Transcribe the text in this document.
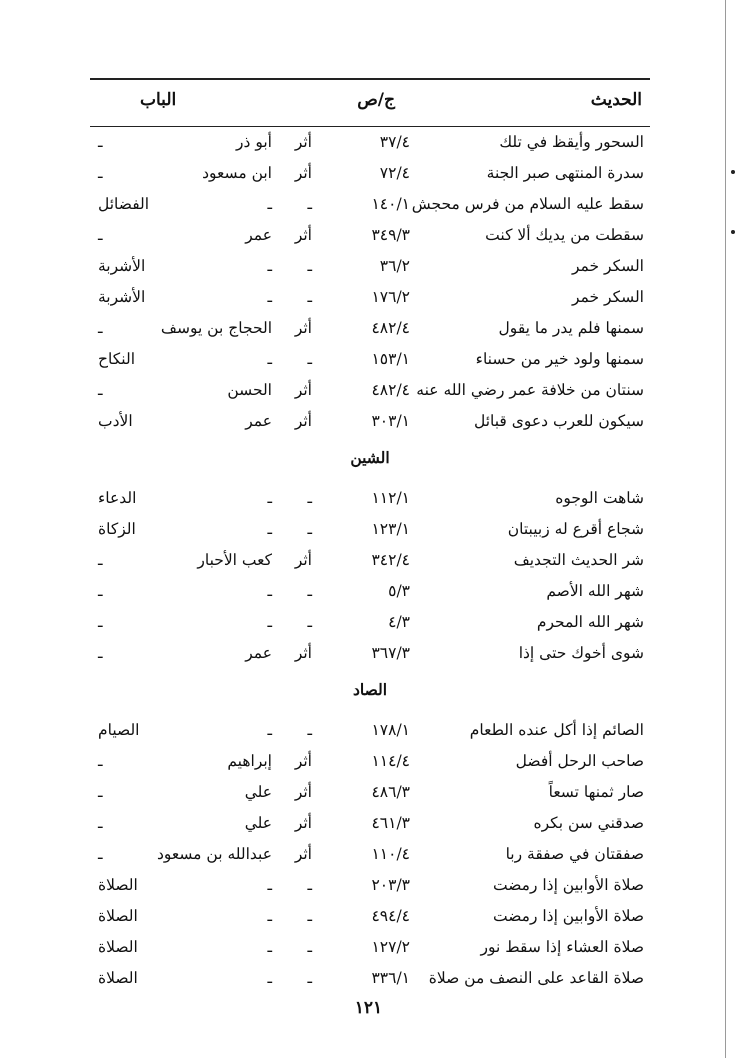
الحديث
ج/ص
الباب
السحور وأيقظ في تلك
٣٧/٤
أثر
أبو ذر
ـ
سدرة المنتهى صبر الجنة
٧٢/٤
أثر
ابن مسعود
ـ
سقط عليه السلام من فرس محجش
١٤٠/١
ـ
ـ
الفضائل
سقطت من يديك ألا كنت
٣٤٩/٣
أثر
عمر
ـ
السكر خمر
٣٦/٢
ـ
ـ
الأشربة
السكر خمر
١٧٦/٢
ـ
ـ
الأشربة
سمنها فلم يدر ما يقول
٤٨٢/٤
أثر
الحجاج بن يوسف
ـ
سمنها ولود خير من حسناء
١٥٣/١
ـ
ـ
النكاح
سنتان من خلافة عمر رضي الله عنه
٤٨٢/٤
أثر
الحسن
ـ
سيكون للعرب دعوى قبائل
٣٠٣/١
أثر
عمر
الأدب
الشين
شاهت الوجوه
١١٢/١
ـ
ـ
الدعاء
شجاع أقرع له زبيبتان
١٢٣/١
ـ
ـ
الزكاة
شر الحديث التجديف
٣٤٢/٤
أثر
كعب الأحبار
ـ
شهر الله الأصم
٥/٣
ـ
ـ
ـ
شهر الله المحرم
٤/٣
ـ
ـ
ـ
شوى أخوك حتى إذا
٣٦٧/٣
أثر
عمر
ـ
الصاد
الصائم إذا أكل عنده الطعام
١٧٨/١
ـ
ـ
الصيام
صاحب الرحل أفضل
١١٤/٤
أثر
إبراهيم
ـ
صار ثمنها تسعاً
٤٨٦/٣
أثر
علي
ـ
صدقني سن بكره
٤٦١/٣
أثر
علي
ـ
صفقتان في صفقة ربا
١١٠/٤
أثر
عبدالله بن مسعود
ـ
صلاة الأوابين إذا رمضت
٢٠٣/٣
ـ
ـ
الصلاة
صلاة الأوابين إذا رمضت
٤٩٤/٤
ـ
ـ
الصلاة
صلاة العشاء إذا سقط نور
١٢٧/٢
ـ
ـ
الصلاة
صلاة القاعد على النصف من صلاة
٣٣٦/١
ـ
ـ
الصلاة
١٢١
